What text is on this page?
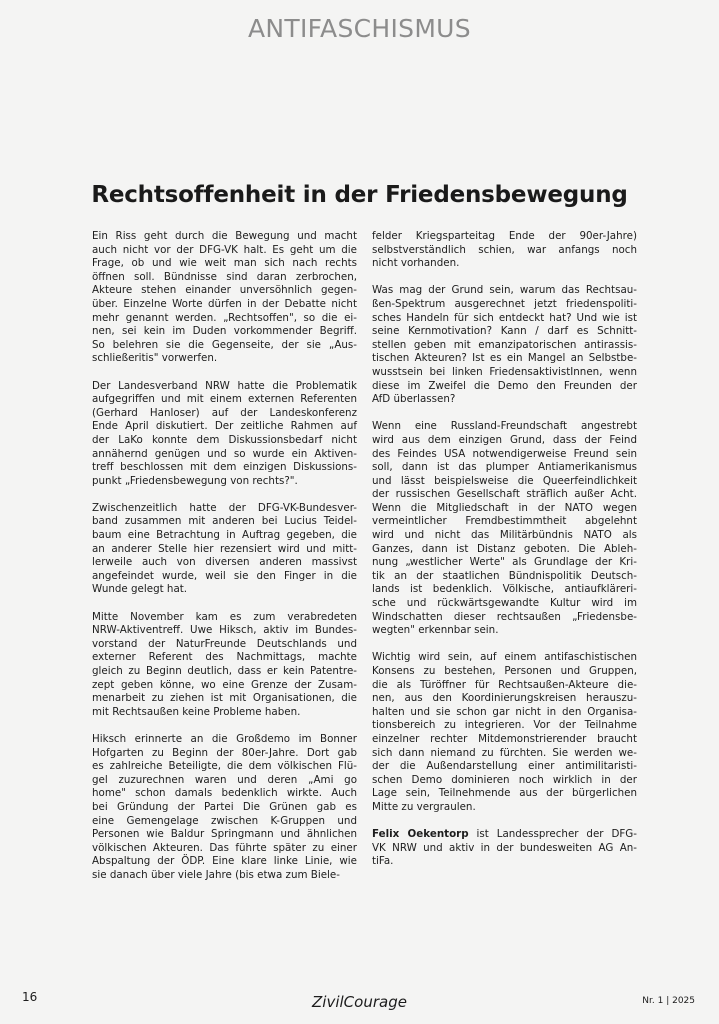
ANTIFASCHISMUS
Rechtsoffenheit in der Friedensbewegung

Ein Riss geht durch die Bewegung und macht
auch nicht vor der DFG-VK halt. Es geht um die
Frage, ob und wie weit man sich nach rechts
öffnen soll. Bündnisse sind daran zerbrochen,
Akteure stehen einander unversöhnlich gegen-
über. Einzelne Worte dürfen in der Debatte nicht
mehr genannt werden. „Rechtsoffen", so die ei-
nen, sei kein im Duden vorkommender Begriff.
So belehren sie die Gegenseite, der sie „Aus-
schließeritis" vorwerfen.

Der Landesverband NRW hatte die Problematik
aufgegriffen und mit einem externen Referenten
(Gerhard Hanloser) auf der Landeskonferenz
Ende April diskutiert. Der zeitliche Rahmen auf
der LaKo konnte dem Diskussionsbedarf nicht
annähernd genügen und so wurde ein Aktiven-
treff beschlossen mit dem einzigen Diskussions-
punkt „Friedensbewegung von rechts?".

Zwischenzeitlich hatte der DFG-VK-Bundesver-
band zusammen mit anderen bei Lucius Teidel-
baum eine Betrachtung in Auftrag gegeben, die
an anderer Stelle hier rezensiert wird und mitt-
lerweile auch von diversen anderen massivst
angefeindet wurde, weil sie den Finger in die
Wunde gelegt hat.

Mitte November kam es zum verabredeten
NRW-Aktiventreff. Uwe Hiksch, aktiv im Bundes-
vorstand der NaturFreunde Deutschlands und
externer Referent des Nachmittags, machte
gleich zu Beginn deutlich, dass er kein Patentre-
zept geben könne, wo eine Grenze der Zusam-
menarbeit zu ziehen ist mit Organisationen, die
mit Rechtsaußen keine Probleme haben.

Hiksch erinnerte an die Großdemo im Bonner
Hofgarten zu Beginn der 80er-Jahre. Dort gab
es zahlreiche Beteiligte, die dem völkischen Flü-
gel zuzurechnen waren und deren „Ami go
home" schon damals bedenklich wirkte. Auch
bei Gründung der Partei Die Grünen gab es
eine Gemengelage zwischen K-Gruppen und
Personen wie Baldur Springmann und ähnlichen
völkischen Akteuren. Das führte später zu einer
Abspaltung der ÖDP. Eine klare linke Linie, wie
sie danach über viele Jahre (bis etwa zum Biele-

felder Kriegsparteitag Ende der 90er-Jahre)
selbstverständlich schien, war anfangs noch
nicht vorhanden.

Was mag der Grund sein, warum das Rechtsau-
ßen-Spektrum ausgerechnet jetzt friedenspoliti-
sches Handeln für sich entdeckt hat? Und wie ist
seine Kernmotivation? Kann / darf es Schnitt-
stellen geben mit emanzipatorischen antirassis-
tischen Akteuren? Ist es ein Mangel an Selbstbe-
wusstsein bei linken FriedensaktivistInnen, wenn
diese im Zweifel die Demo den Freunden der
AfD überlassen?

Wenn eine Russland-Freundschaft angestrebt
wird aus dem einzigen Grund, dass der Feind
des Feindes USA notwendigerweise Freund sein
soll, dann ist das plumper Antiamerikanismus
und lässt beispielsweise die Queerfeindlichkeit
der russischen Gesellschaft sträflich außer Acht.
Wenn die Mitgliedschaft in der NATO wegen
vermeintlicher Fremdbestimmtheit abgelehnt
wird und nicht das Militärbündnis NATO als
Ganzes, dann ist Distanz geboten. Die Ableh-
nung „westlicher Werte" als Grundlage der Kri-
tik an der staatlichen Bündnispolitik Deutsch-
lands ist bedenklich. Völkische, antiaufkläreri-
sche und rückwärtsgewandte Kultur wird im
Windschatten dieser rechtsaußen „Friedensbe-
wegten" erkennbar sein.

Wichtig wird sein, auf einem antifaschistischen
Konsens zu bestehen, Personen und Gruppen,
die als Türöffner für Rechtsaußen-Akteure die-
nen, aus den Koordinierungskreisen herauszu-
halten und sie schon gar nicht in den Organisa-
tionsbereich zu integrieren. Vor der Teilnahme
einzelner rechter Mitdemonstrierender braucht
sich dann niemand zu fürchten. Sie werden we-
der die Außendarstellung einer antimilitaristi-
schen Demo dominieren noch wirklich in der
Lage sein, Teilnehmende aus der bürgerlichen
Mitte zu vergraulen.

Felix Oekentorp ist Landessprecher der DFG-
VK NRW und aktiv in der bundesweiten AG An-
tiFa.

16	ZivilCourage	Nr. 1 | 2025
